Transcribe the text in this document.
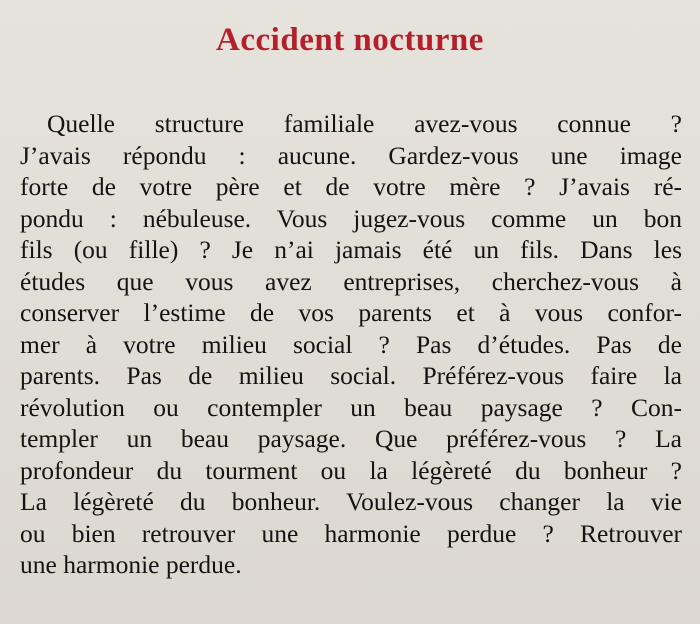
Accident nocturne
Quelle structure familiale avez-vous connue ?
J’avais répondu : aucune. Gardez-vous une image
forte de votre père et de votre mère ? J’avais ré-
pondu : nébuleuse. Vous jugez-vous comme un bon
fils (ou fille) ? Je n’ai jamais été un fils. Dans les
études que vous avez entreprises, cherchez-vous à
conserver l’estime de vos parents et à vous confor-
mer à votre milieu social ? Pas d’études. Pas de
parents. Pas de milieu social. Préférez-vous faire la
révolution ou contempler un beau paysage ? Con-
templer un beau paysage. Que préférez-vous ? La
profondeur du tourment ou la légèreté du bonheur ?
La légèreté du bonheur. Voulez-vous changer la vie
ou bien retrouver une harmonie perdue ? Retrouver
une harmonie perdue.
